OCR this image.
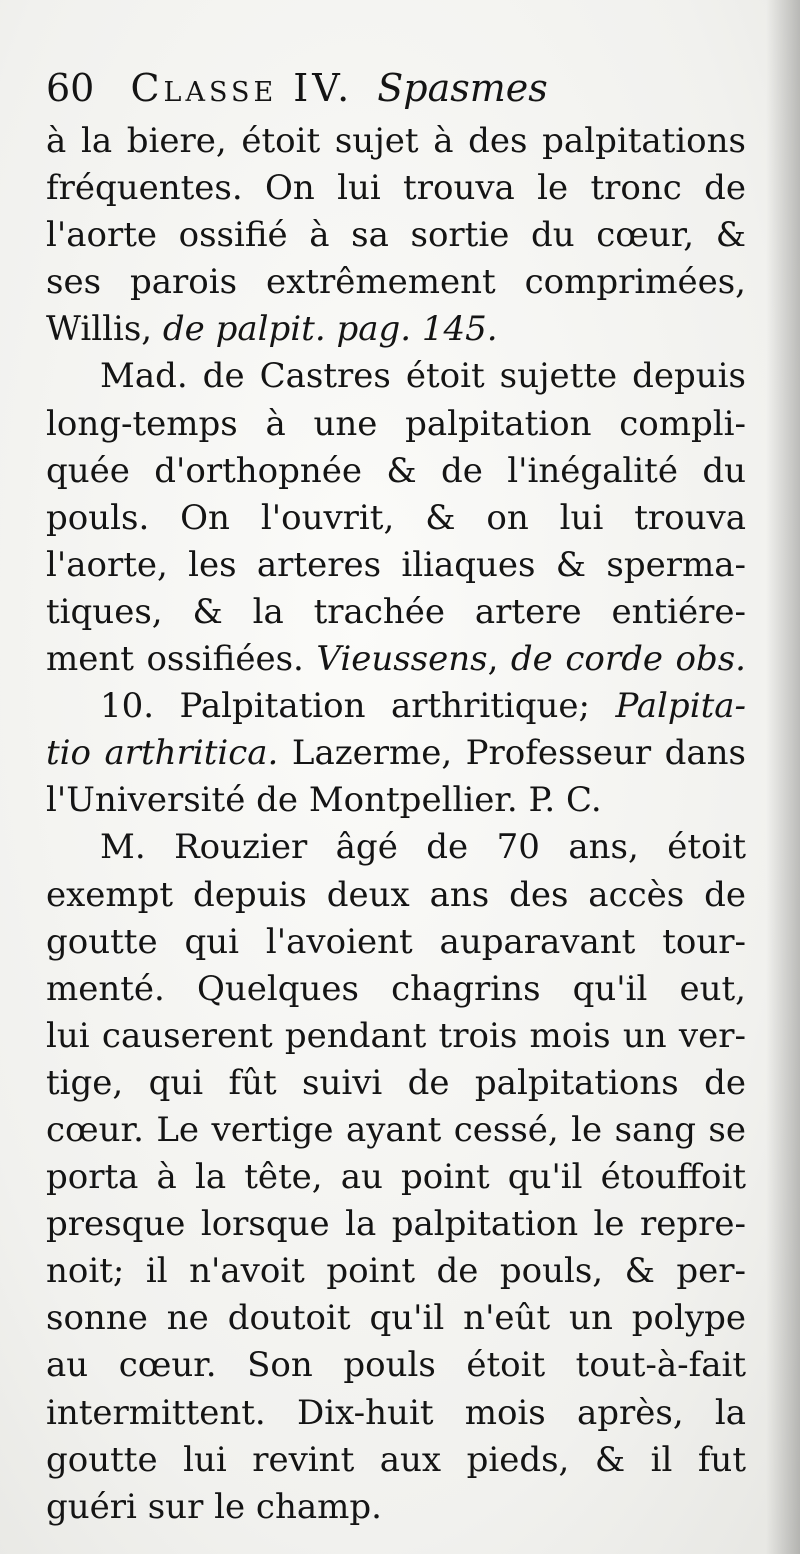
60 Classe IV. Spasmes
à la biere, étoit sujet à des palpitations
fréquentes. On lui trouva le tronc de
l'aorte ossifié à sa sortie du cœur, &
ses parois extrêmement comprimées,
Willis, de palpit. pag. 145.
Mad. de Castres étoit sujette depuis
long-temps à une palpitation compli-
quée d'orthopnée & de l'inégalité du
pouls. On l'ouvrit, & on lui trouva
l'aorte, les arteres iliaques & sperma-
tiques, & la trachée artere entiére-
ment ossifiées. Vieussens, de corde obs.
10. Palpitation arthritique; Palpita-
tio arthritica. Lazerme, Professeur dans
l'Université de Montpellier. P. C.
M. Rouzier âgé de 70 ans, étoit
exempt depuis deux ans des accès de
goutte qui l'avoient auparavant tour-
menté. Quelques chagrins qu'il eut,
lui causerent pendant trois mois un ver-
tige, qui fût suivi de palpitations de
cœur. Le vertige ayant cessé, le sang se
porta à la tête, au point qu'il étouffoit
presque lorsque la palpitation le repre-
noit; il n'avoit point de pouls, & per-
sonne ne doutoit qu'il n'eût un polype
au cœur. Son pouls étoit tout-à-fait
intermittent. Dix-huit mois après, la
goutte lui revint aux pieds, & il fut
guéri sur le champ.
